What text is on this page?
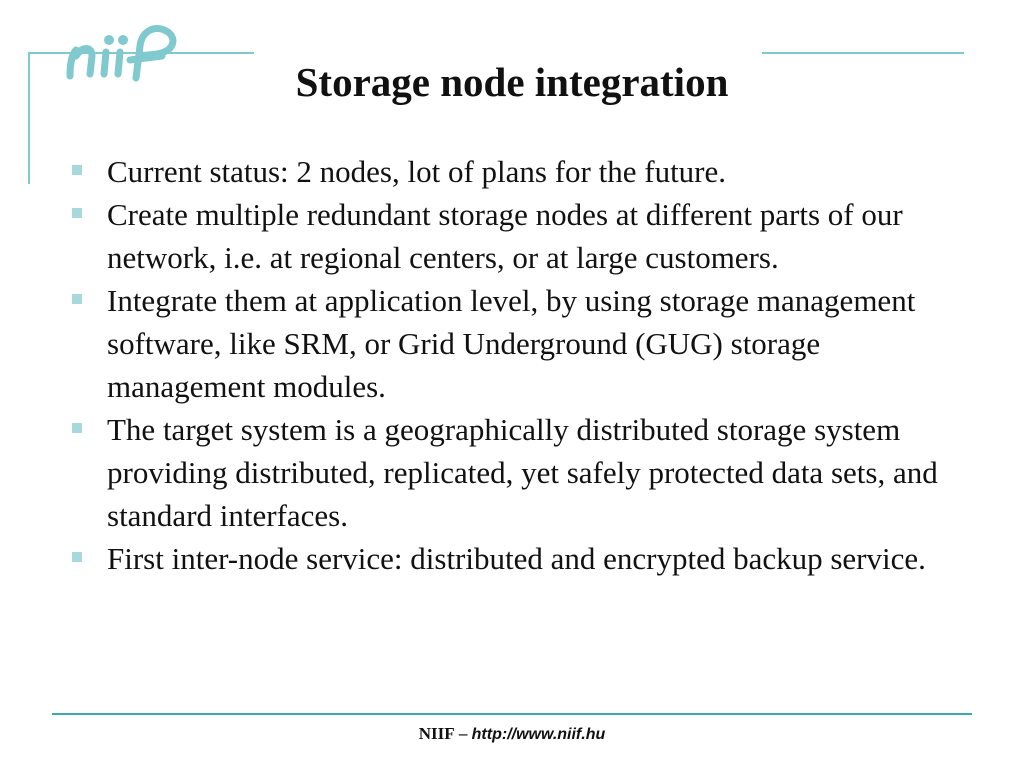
Storage node integration
Current status: 2 nodes, lot of plans for the future.
Create multiple redundant storage nodes at different parts of our network, i.e. at regional centers, or at large customers.
Integrate them at application level, by using storage management software, like SRM, or Grid Underground (GUG) storage management modules.
The target system is a geographically distributed storage system providing distributed, replicated, yet safely protected data sets, and standard interfaces.
First inter-node service: distributed and encrypted backup service.
NIIF – http://www.niif.hu
